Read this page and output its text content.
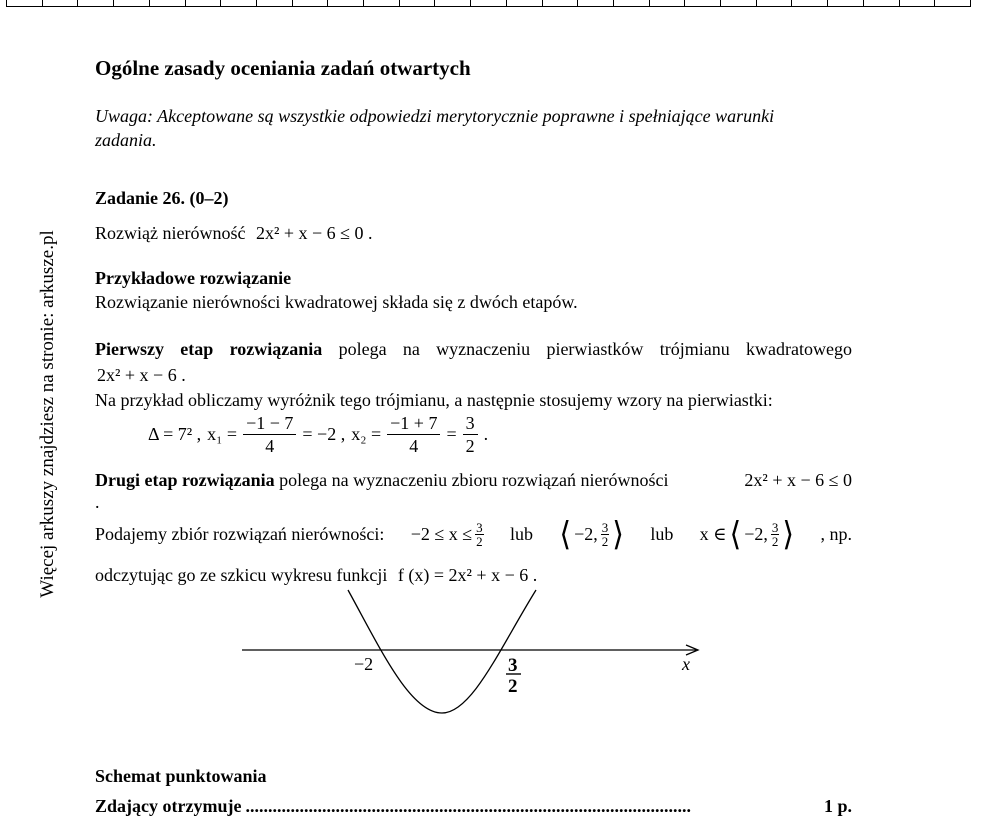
Więcej arkuszy znajdziesz na stronie: arkusze.pl
Ogólne zasady oceniania zadań otwartych
Uwaga: Akceptowane są wszystkie odpowiedzi merytorycznie poprawne i spełniające warunki
zadania.
Zadanie 26. (0–2)
Rozwiąż nierówność 2x² + x − 6 ≤ 0 .
Przykładowe rozwiązanie
Rozwiązanie nierówności kwadratowej składa się z dwóch etapów.
Pierwszy etap rozwiązania polega na wyznaczeniu pierwiastków trójmianu kwadratowego
2x² + x − 6 .
Na przykład obliczamy wyróżnik tego trójmianu, a następnie stosujemy wzory na pierwiastki:
Δ = 7² , $x_1 = \frac{-1 - 7}{4} = -2$ , $x_2 = \frac{-1 + 7}{4} = \frac{3}{2}$ .
Drugi etap rozwiązania polega na wyznaczeniu zbioru rozwiązań nierówności	2x² + x − 6 ≤ 0
.
Podajemy zbiór rozwiązań nierówności: $-2 \le x \le \frac{3}{2}$ lub ⟨ −2, $\frac{3}{2}$ ⟩ lub x ∈ ⟨ −2, $\frac{3}{2}$ ⟩ , np.
odczytując go ze szkicu wykresu funkcji f (x) = 2x² + x − 6 .
Schemat punktowania
Zdający otrzymuje ...................................................................................................	1 p.
−2	3
2
x
